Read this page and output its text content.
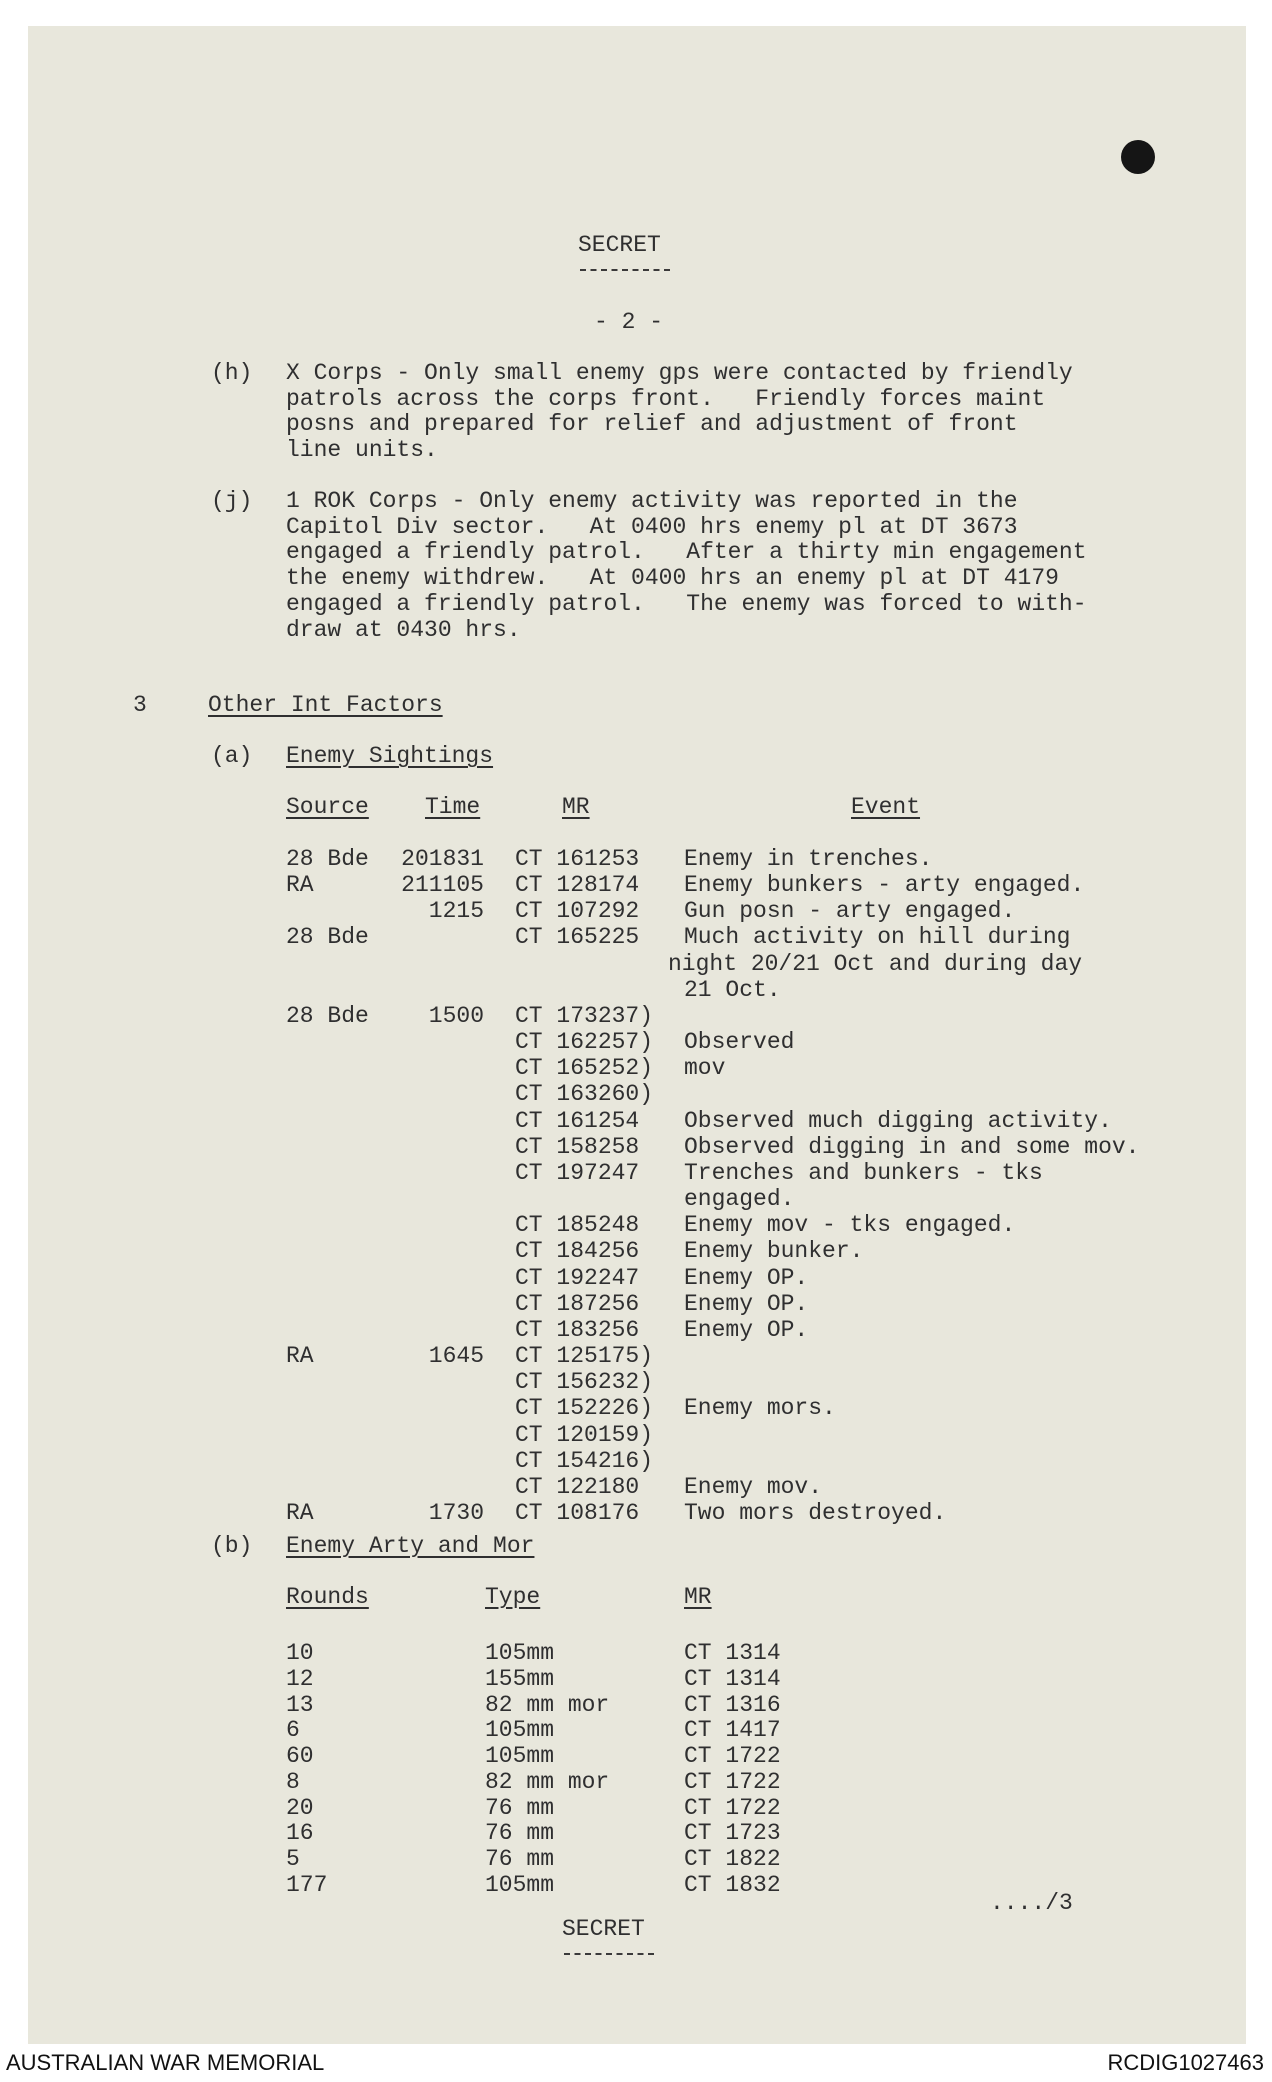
SECRET
- 2 -
(h) X Corps - Only small enemy gps were contacted by friendly
patrols across the corps front.   Friendly forces maint
posns and prepared for relief and adjustment of front
line units.
(j) 1 ROK Corps - Only enemy activity was reported in the
Capitol Div sector.   At 0400 hrs enemy pl at DT 3673
engaged a friendly patrol.   After a thirty min engagement
the enemy withdrew.   At 0400 hrs an enemy pl at DT 4179
engaged a friendly patrol.   The enemy was forced to with-
draw at 0430 hrs.
3	Other Int Factors
(a) Enemy Sightings
Source Time	MR	Event
28 Bde	201831 CT 161253 Enemy in trenches.
RA	211105 CT 128174 Enemy bunkers - arty engaged.
1215 CT 107292 Gun posn - arty engaged.
28 Bde	CT 165225 Much activity on hill during
night 20/21 Oct and during day
21 Oct.
28 Bde	1500 CT 173237)
CT 162257) Observed
CT 165252) mov
CT 163260)
CT 161254 Observed much digging activity.
CT 158258 Observed digging in and some mov.
CT 197247 Trenches and bunkers - tks
engaged.
CT 185248 Enemy mov - tks engaged.
CT 184256 Enemy bunker.
CT 192247 Enemy OP.
CT 187256 Enemy OP.
CT 183256 Enemy OP.
RA	1645 CT 125175)
CT 156232)
CT 152226) Enemy mors.
CT 120159)
CT 154216)
CT 122180 Enemy mov.
RA	1730 CT 108176 Two mors destroyed.
(b) Enemy Arty and Mor
Rounds	Type	MR
10	105mm	CT 1314
12	155mm	CT 1314
13	82 mm mor	CT 1316
6	105mm	CT 1417
60	105mm	CT 1722
8	82 mm mor	CT 1722
20	76 mm	CT 1722
16	76 mm	CT 1723
5	76 mm	CT 1822
177	105mm	CT 1832
..../3
SECRET
AUSTRALIAN WAR MEMORIAL	RCDIG1027463
